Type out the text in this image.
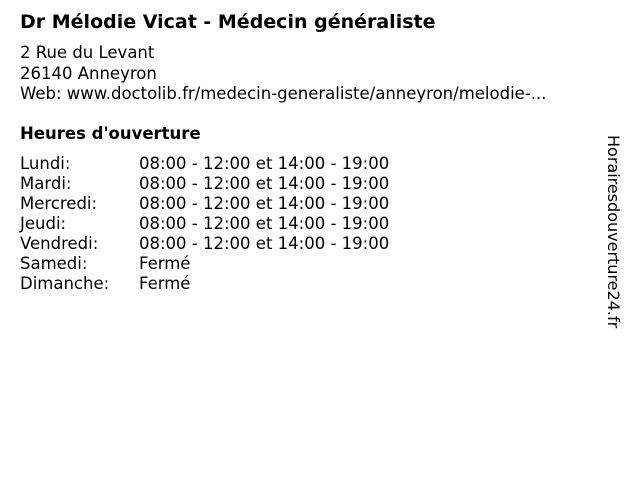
Dr Mélodie Vicat - Médecin généraliste
2 Rue du Levant
26140 Anneyron
Web: www.doctolib.fr/medecin-generaliste/anneyron/melodie-...
Heures d'ouverture
Lundi:	08:00 - 12:00 et 14:00 - 19:00
Mardi:	08:00 - 12:00 et 14:00 - 19:00
Mercredi:	08:00 - 12:00 et 14:00 - 19:00
Jeudi:	08:00 - 12:00 et 14:00 - 19:00
Vendredi:	08:00 - 12:00 et 14:00 - 19:00
Samedi:	Fermé
Dimanche:	Fermé	Horairesdouverture24.fr
